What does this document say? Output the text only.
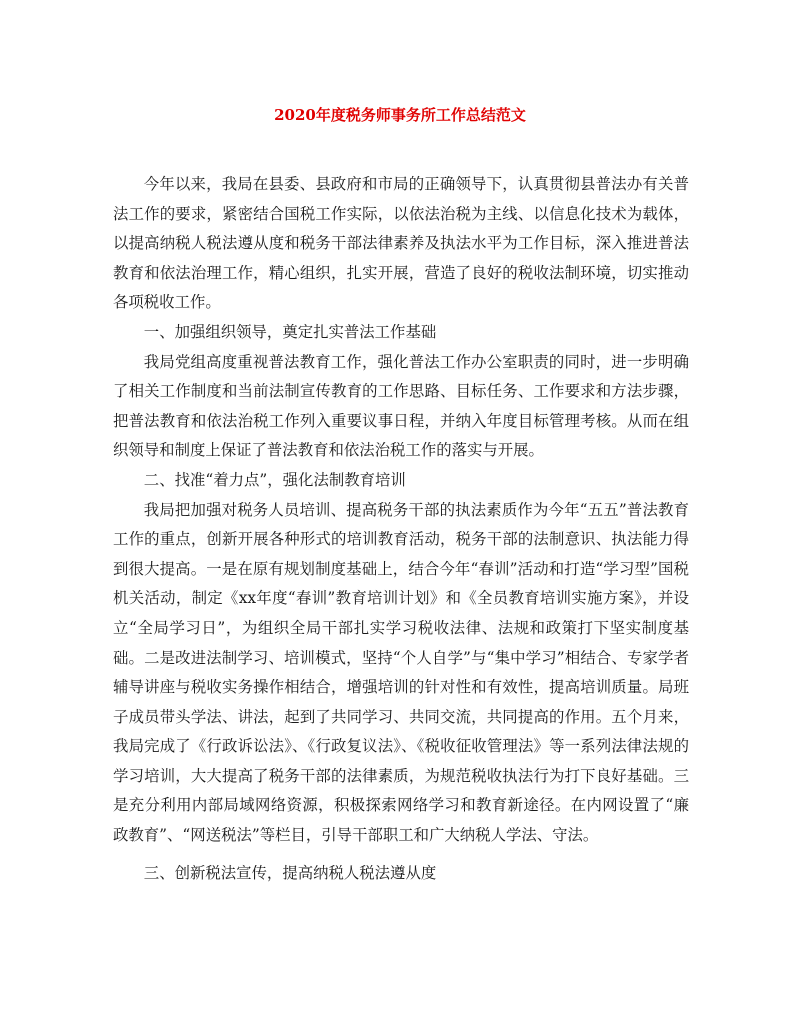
2020年度税务师事务所工作总结范文

今年以来，我局在县委、县政府和市局的正确领导下，认真贯彻县普法办有关普法工作的要求，紧密结合国税工作实际，以依法治税为主线、以信息化技术为载体，以提高纳税人税法遵从度和税务干部法律素养及执法水平为工作目标，深入推进普法教育和依法治理工作，精心组织，扎实开展，营造了良好的税收法制环境，切实推动各项税收工作。

一、加强组织领导，奠定扎实普法工作基础

我局党组高度重视普法教育工作，强化普法工作办公室职责的同时，进一步明确了相关工作制度和当前法制宣传教育的工作思路、目标任务、工作要求和方法步骤，把普法教育和依法治税工作列入重要议事日程，并纳入年度目标管理考核。从而在组织领导和制度上保证了普法教育和依法治税工作的落实与开展。

二、找准“着力点”，强化法制教育培训

我局把加强对税务人员培训、提高税务干部的执法素质作为今年“五五”普法教育工作的重点，创新开展各种形式的培训教育活动，税务干部的法制意识、执法能力得到很大提高。一是在原有规划制度基础上，结合今年“春训”活动和打造“学习型”国税机关活动，制定《xx年度“春训”教育培训计划》和《全员教育培训实施方案》，并设立“全局学习日”，为组织全局干部扎实学习税收法律、法规和政策打下坚实制度基础。二是改进法制学习、培训模式，坚持“个人自学”与“集中学习”相结合、专家学者辅导讲座与税收实务操作相结合，增强培训的针对性和有效性，提高培训质量。局班子成员带头学法、讲法，起到了共同学习、共同交流，共同提高的作用。五个月来，我局完成了《行政诉讼法》、《行政复议法》、《税收征收管理法》等一系列法律法规的学习培训，大大提高了税务干部的法律素质，为规范税收执法行为打下良好基础。三是充分利用内部局域网络资源，积极探索网络学习和教育新途径。在内网设置了“廉政教育”、“网送税法”等栏目，引导干部职工和广大纳税人学法、守法。

三、创新税法宣传，提高纳税人税法遵从度
